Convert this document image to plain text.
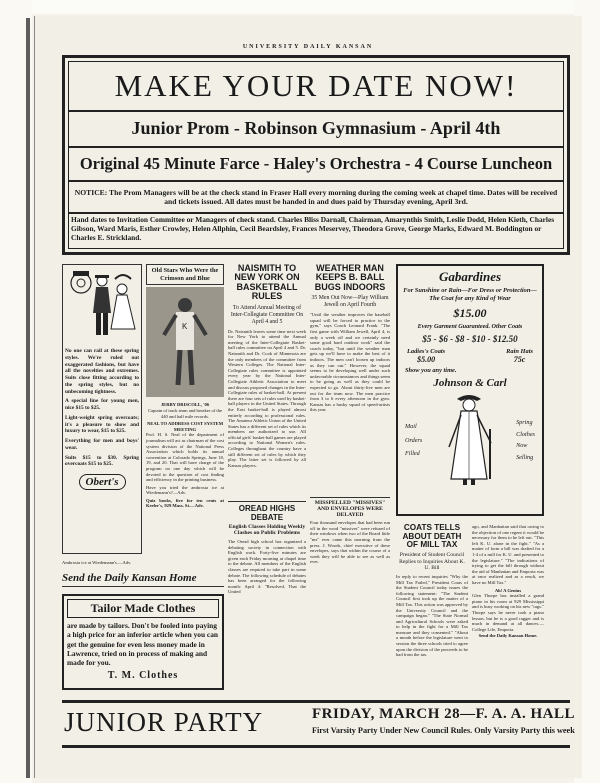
UNIVERSITY DAILY KANSAN
MAKE YOUR DATE NOW!
Junior Prom - Robinson Gymnasium - April 4th
Original 45 Minute Farce - Haley's Orchestra - 4 Course Luncheon
NOTICE: The Prom Managers will be at the check stand in Fraser Hall every morning during the coming week at chapel time. Dates will be received and tickets issued. All dates must be handed in and dues paid by Thursday evening, April 3rd.
Hand dates to Invitation Committee or Managers of check stand. Charles Bliss Darnall, Chairman, Amarynthis Smith, Leslie Dodd, Helen Kieth, Charles Gibson, Ward Maris, Esther Crowley, Helen Allphin, Cecil Beardsley, Frances Meservey, Theodora Grove, George Marks, Edward M. Boddington or Charles E. Strickland.
No one can rail at these spring styles. We're ruled out exaggerated fashions, but have all the novelties and extremes. Suits close fitting according to the spring styles, but no unbecoming tightness.
A special line for young men, nice $15 to $25.
Light-weight spring overcoats; it's a pleasure to show and luxury to wear, $15 to $25.
Everything for men and boys' wear.
Suits $15 to $30. Spring overcoats $15 to $25.
Obert's
Ambrosia ice at Wiedemann's.—Adv.
Old Stars Who Were the Crimson and Blue
K
JERRY DRISCOLL, '06
Captain of track team and breaker of the 440 and half mile records.
NEAL TO ADDRESS COST SYSTEM MEETING
Prof. H. S. Neal of the department of journalism will act as chairman of the cost system division of the National Press Association which holds its annual convention at Colorado Springs, June 18, 19, and 20. That will have charge of the program on one day which will be devoted to the question of cost finding and efficiency in the printing business.
Have you tried the ambrosia ice at Wiedemann's?—Adv.
Quiz books, five for ten cents at Keeler's, 929 Mass. St.—Adv.
NAISMITH TO NEW YORK ON BASKETBALL RULES
To Attend Annual Meeting of Inter-Collegiate Committee On April 4 and 5
Dr. Naismith leaves some time next week for New York to attend the Annual meeting of the Inter-Collegiate Basket-ball rules committee on April 4 and 5. Dr. Naismith and Dr. Cook of Minnesota are the only members of the committee from Western Colleges. The National Inter-Collegiate rules committee is appointed every year by the National Inter-Collegiate Athletic Association to meet and discuss proposed changes in the Inter-Collegiate rules of basket-ball. At present there are four sets of rules used by basket-ball players in the United States. Through the East basket-ball is played almost entirely according to professional rules. The Amateur Athletic Union of the United States has a different set of rules which its members are authorized to use. All official girls' basket-ball games are played according to National Women's rules. Colleges throughout the country have a still different set of rules by which they play. The latter set is followed by all Kansas players.
OREAD HIGHS DEBATE
English Classes Holding Weekly Clashes on Public Problems
The Oread high school has organized a debating society in connection with English work. Forty-five minutes are given each Friday morning at chapel time to the debate. All members of the English classes are required to take part in some debate. The following schedule of debates has been arranged for the following month: April 4: "Resolved, That the United
WEATHER MAN KEEPS B. BALL BUGS INDOORS
35 Men Out Now—Play William Jewell on April Fourth
"Until the weather improves the baseball squad will be forced to practice in the gym," says Coach Leonard Frank. "The first game with William Jewell, April 4, is only a week off and we certainly need some good hard outdoor work" said the coach today, "but until the weather man gets up we'll have to make the best of it indoors. The men can't loosen up indoors as they can out." However, the squad seems to be developing well under such unfavorable circumstances and things seem to be going as well as they could be expected to go. About thirty-five men are out for the team now. The men practice from 3 to 6 every afternoon in the gym. Kansas has a husky squad of speed-artists this year.
MISSPELLED "MISSIVES" AND ENVELOPES WERE DELAYED
Four thousand envelopes that had been run off in the word "missives" were refused of their windows when two of the Board little "ms" ever came this morning from the press. J. Woods, chief executive of these envelopes, says that within the course of a week they will be able to see as well as ever.
Gabardines
For Sunshine or Rain—For Dress or Protection—The Coat for any Kind of Wear
$15.00
Every Garment Guaranteed. Other Coats
$5 - $6 - $8 - $10 - $12.50
Ladies's Coats
$5.00
Rain Hats
75c
Show you any time.
Johnson & Carl
Mail
Orders
Filled
Spring
Clothes
Now
Selling
COATS TELLS ABOUT DEATH OF MILL TAX
President of Student Council Replies to Inquiries About K. U. Bill
In reply to recent inquiries "Why the Mill Tax Failed," President Coats of the Student Council today issues the following statement: "The Student Council first took up the matter of a Mill Tax. This action was approved by the University Council and the campaign began." "The State Normal and Agricultural Schools were asked to help in the fight for a Mill Tax measure and they consented." "About a month before the legislature went to session the three schools tried to agree upon the division of the proceeds to be had from the tax.
ago, and Manhattan said that owing to the objection of one regent it would be necessary for them to be left out. "This left K. U. alone in the fight." "As a matter of form a bill was drafted for a 1-4 of a mill for K. U. and presented to the legislature." "The indications of trying to get the bill through without the aid of Manhattan and Emporia was at once realized and as a result, we have no Mill Tax."
Ah! A Genius
Glen Thorpe has installed a grand piano in his room at 929 Mississippi and is busy working on his new "rags." Thorpe says he never took a piano lesson, but he is a good ragger and is much in demand at all dances.—College Life, Emporia.
Send the Daily Kansan Home.
Send the Daily Kansan Home
Tailor Made Clothes
are made by tailors. Don't be fooled into paying a high price for an inferior article when you can get the genuine for even less money made in Lawrence, tried on in process of making and made for you.
T. M. Clothes
JUNIOR PARTY	FRIDAY, MARCH 28—F. A. A. HALL
First Varsity Party Under New Council Rules. Only Varsity Party this week
